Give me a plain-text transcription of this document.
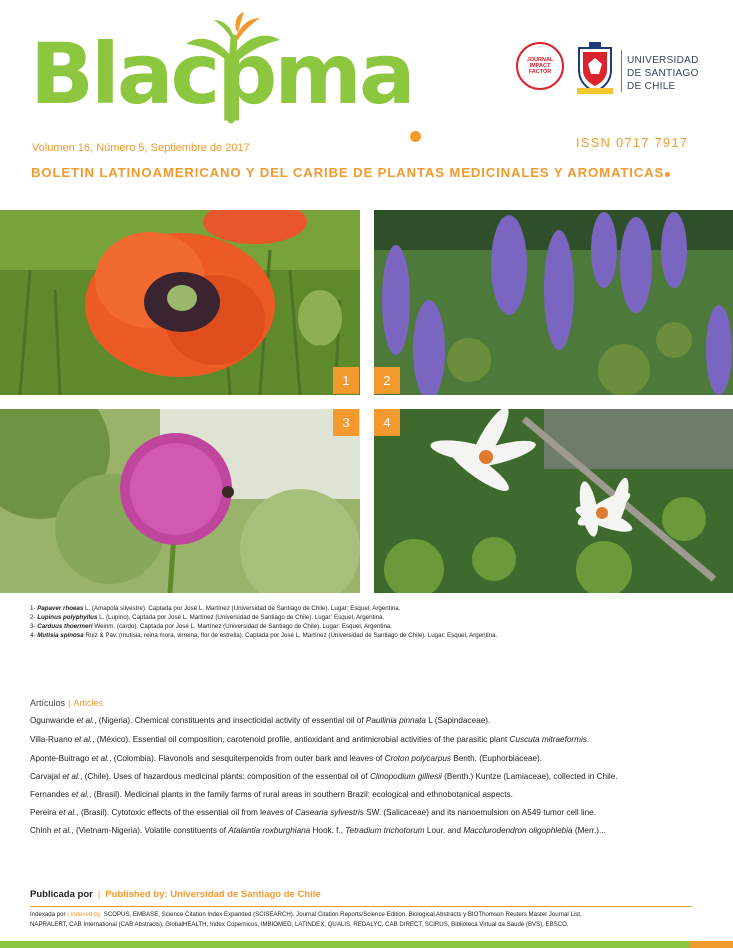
Blacpma
Volumen 16, Número 5, Septiembre de 2017
JOURNAL IMPACT FACTOR
UNIVERSIDAD
DE SANTIAGO
DE CHILE
ISSN 0717 7917
BOLETIN LATINOAMERICANO Y DEL CARIBE DE PLANTAS MEDICINALES Y AROMATICAS
1	2
3	4
1- Papaver rhoeas L. (Amapola silvestre). Captada por José L. Martínez (Universidad de Santiago de Chile). Lugar: Esquel, Argentina.
2- Lupinus polyphyllus L. (Lupino). Captada por José L. Martínez (Universidad de Santiago de Chile). Lugar: Esquel, Argentina.
3- Carduus thoermeri Weinm. (cardo). Captada por José L. Martínez (Universidad de Santiago de Chile). Lugar: Esquel, Argentina.
4- Mutisia spinosa Ruiz & Pav. (mutisia, reina mora, virreina, flor de estrella). Captada por José L. Martínez (Universidad de Santiago de Chile). Lugar: Esquel, Argentina.
Artículos | Articles
Ogunwande et al., (Nigeria). Chemical constituents and insecticidal activity of essential oil of Paullinia pinnata L (Sapindaceae).
Villa-Ruano et al., (México). Essential oil composition, carotenoid profile, antioxidant and antimicrobial activities of the parasitic plant Cuscuta mitraeformis.
Aponte-Buitrago et al., (Colombia). Flavonols and sesquiterpenoids from outer bark and leaves of Croton polycarpus Benth. (Euphorbiaceae).
Carvajal et al., (Chile). Uses of hazardous medicinal plants: composition of the essential oil of Clinopodium gilliesii (Benth.) Kuntze (Lamiaceae), collected in Chile.
Fernandes et al., (Brasil). Medicinal plants in the family farms of rural areas in southern Brazil: ecological and ethnobotanical aspects.
Pereira et al., (Brasil). Cytotoxic effects of the essential oil from leaves of Casearia sylvestris SW. (Salicaceae) and its nanoemulsion on A549 tumor cell line.
Chinh et al., (Vietnam-Nigeria). Volatile constituents of Atalantia roxburghiana Hook. f., Tetradium trichotorum Lour. and Macclurodendron oligophlebia (Merr.)...
Publicada por | Published by: Universidad de Santiago de Chile
Indexada por | Indexed by: SCOPUS, EMBASE, Science Citation Index Expanded (SCISEARCH). Journal Citation Reports/Science Edition, Biological Abstracts y BIOThomson Reuters Master Journal List,
NAPRALERT, CAB International (CAB Abstracts), GlobalHEALTH, Index Copernicus, IMBIOMED, LATINDEX, QUALIS, REDALYC, CAB DIRECT, SCIRUS, Biblioteca Virtual da Saude (BVS), EBSCO.
